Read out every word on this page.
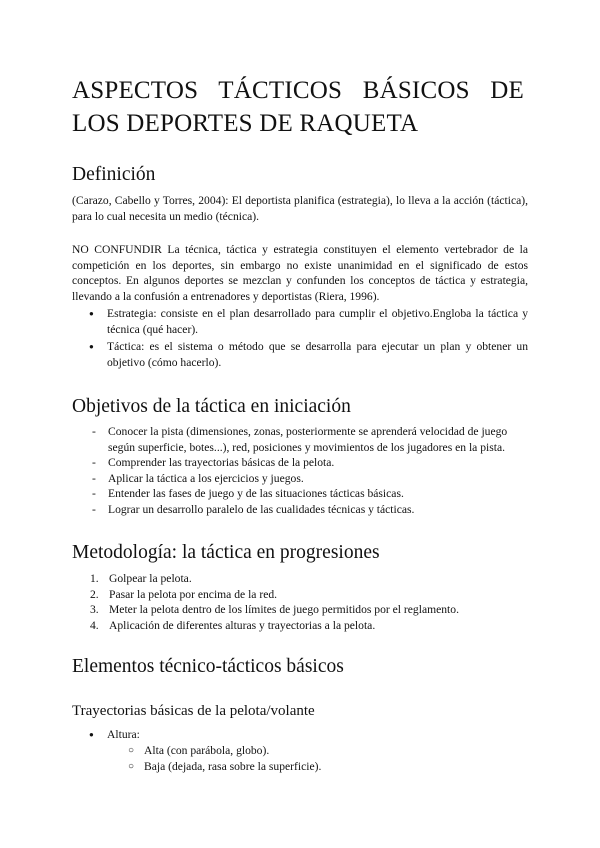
ASPECTOS TÁCTICOS BÁSICOS DE LOS DEPORTES DE RAQUETA
Definición

(Carazo, Cabello y Torres, 2004): El deportista planifica (estrategia), lo lleva a la acción (táctica), para lo cual necesita un medio (técnica).

NO CONFUNDIR La técnica, táctica y estrategia constituyen el elemento vertebrador de la competición en los deportes, sin embargo no existe unanimidad en el significado de estos conceptos. En algunos deportes se mezclan y confunden los conceptos de táctica y estrategia, llevando a la confusión a entrenadores y deportistas (Riera, 1996).

● Estrategia: consiste en el plan desarrollado para cumplir el objetivo.Engloba la táctica y técnica (qué hacer).
● Táctica: es el sistema o método que se desarrolla para ejecutar un plan y obtener un objetivo (cómo hacerlo).
Objetivos de la táctica en iniciación
- Conocer la pista (dimensiones, zonas, posteriormente se aprenderá velocidad de juego según superficie, botes...), red, posiciones y movimientos de los jugadores en la pista.
- Comprender las trayectorias básicas de la pelota.
- Aplicar la táctica a los ejercicios y juegos.
- Entender las fases de juego y de las situaciones tácticas básicas.
- Lograr un desarrollo paralelo de las cualidades técnicas y tácticas.
Metodología: la táctica en progresiones
1. Golpear la pelota.
2. Pasar la pelota por encima de la red.
3. Meter la pelota dentro de los límites de juego permitidos por el reglamento.
4. Aplicación de diferentes alturas y trayectorias a la pelota.
Elementos técnico-tácticos básicos
Trayectorias básicas de la pelota/volante
● Altura:
○ Alta (con parábola, globo).
○ Baja (dejada, rasa sobre la superficie).
